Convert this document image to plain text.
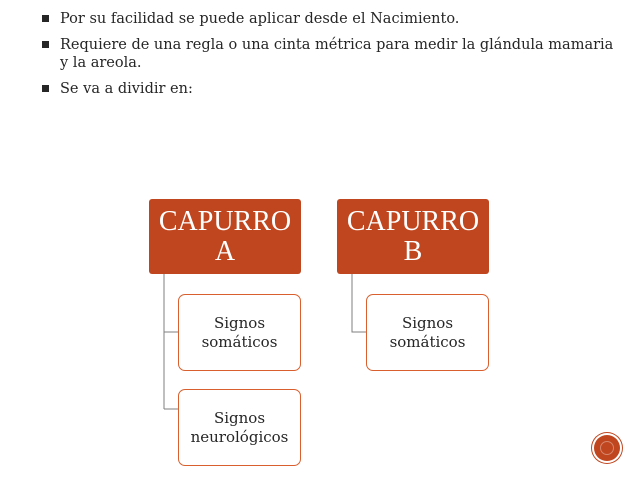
Por su facilidad se puede aplicar desde el Nacimiento.
Requiere de una regla o una cinta métrica para medir la glándula mamaria y la areola.
Se va a dividir en:
CAPURRO
A
CAPURRO
B
Signos
somáticos
Signos
neurológicos
Signos
somáticos
